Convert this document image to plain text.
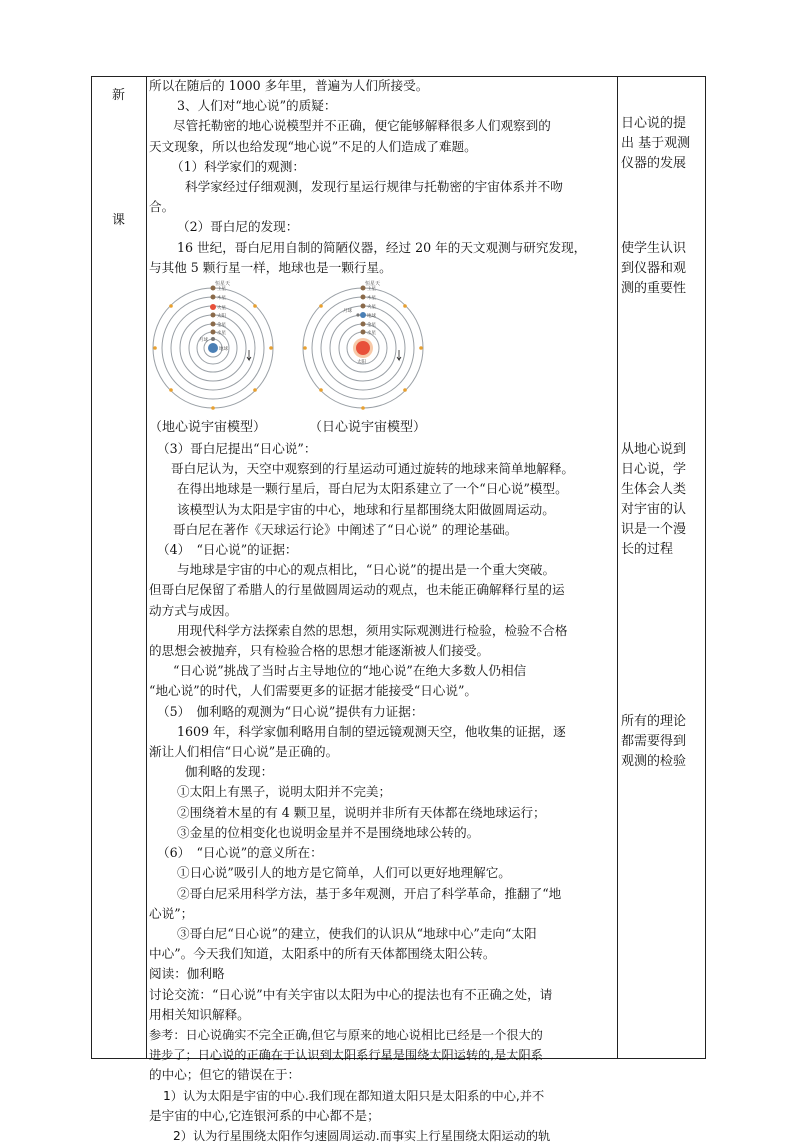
新
课

所以在随后的 1000 多年里，普遍为人们所接受。

3、人们对“地心说”的质疑：

尽管托勒密的地心说模型并不正确，便它能够解释很多人们观察到的

天文现象，所以也给发现“地心说”不足的人们造成了难题。

（1）科学家们的观测：

科学家经过仔细观测，发现行星运行规律与托勒密的宇宙体系并不吻

合。

（2）哥白尼的发现：

16 世纪，哥白尼用自制的简陋仪器，经过 20 年的天文观测与研究发现，

与其他 5 颗行星一样，地球也是一颗行星。

恒星天
土星
木星
火星
太阳
金星
水星
月球
地球
恒星天
土星
木星
火星
地球
月球
金星
水星
太阳
（地心说宇宙模型）	（日心说宇宙模型）

（3）哥白尼提出“日心说”：

哥白尼认为，天空中观察到的行星运动可通过旋转的地球来简单地解释。

在得出地球是一颗行星后，哥白尼为太阳系建立了一个“日心说”模型。

该模型认为太阳是宇宙的中心，地球和行星都围绕太阳做圆周运动。

哥白尼在著作《天球运行论》中阐述了“日心说” 的理论基础。

（4）　“日心说”的证据：

与地球是宇宙的中心的观点相比，“日心说”的提出是一个重大突破。

但哥白尼保留了希腊人的行星做圆周运动的观点，也未能正确解释行星的运

动方式与成因。

用现代科学方法探索自然的思想，须用实际观测进行检验，检验不合格

的思想会被抛弃，只有检验合格的思想才能逐渐被人们接受。

“日心说”挑战了当时占主导地位的“地心说”在绝大多数人仍相信

“地心说”的时代，人们需要更多的证据才能接受“日心说”。

（5）　伽利略的观测为“日心说”提供有力证据：

1609 年，科学家伽利略用自制的望远镜观测天空，他收集的证据，逐

渐让人们相信“日心说”是正确的。

伽利略的发现：

①太阳上有黑子，说明太阳并不完美；

②围绕着木星的有 4 颗卫星，说明并非所有天体都在绕地球运行；

③金星的位相变化也说明金星并不是围绕地球公转的。

（6）　“日心说”的意义所在：

①日心说”吸引人的地方是它简单，人们可以更好地理解它。

②哥白尼采用科学方法，基于多年观测，开启了科学革命，推翻了“地

心说”；

③哥白尼“日心说”的建立，使我们的认识从“地球中心”走向“太阳

中心”。今天我们知道，太阳系中的所有天体都围绕太阳公转。

阅读：伽利略

讨论交流：“日心说”中有关宇宙以太阳为中心的提法也有不正确之处，请

用相关知识解释。

参考：日心说确实不完全正确,但它与原来的地心说相比已经是一个很大的

进步了；日心说的正确在于认识到太阳系行星是围绕太阳运转的,是太阳系

的中心；但它的错误在于：

1）认为太阳是宇宙的中心.我们现在都知道太阳只是太阳系的中心,并不

是宇宙的中心,它连银河系的中心都不是；

2）认为行星围绕太阳作匀速圆周运动.而事实上行星围绕太阳运动的轨

日心说的提
出 基于观测
仪器的发展
使学生认识
到仪器和观
测的重要性
从地心说到
日心说，学
生体会人类
对宇宙的认
识是一个漫
长的过程
所有的理论
都需要得到
观测的检验
